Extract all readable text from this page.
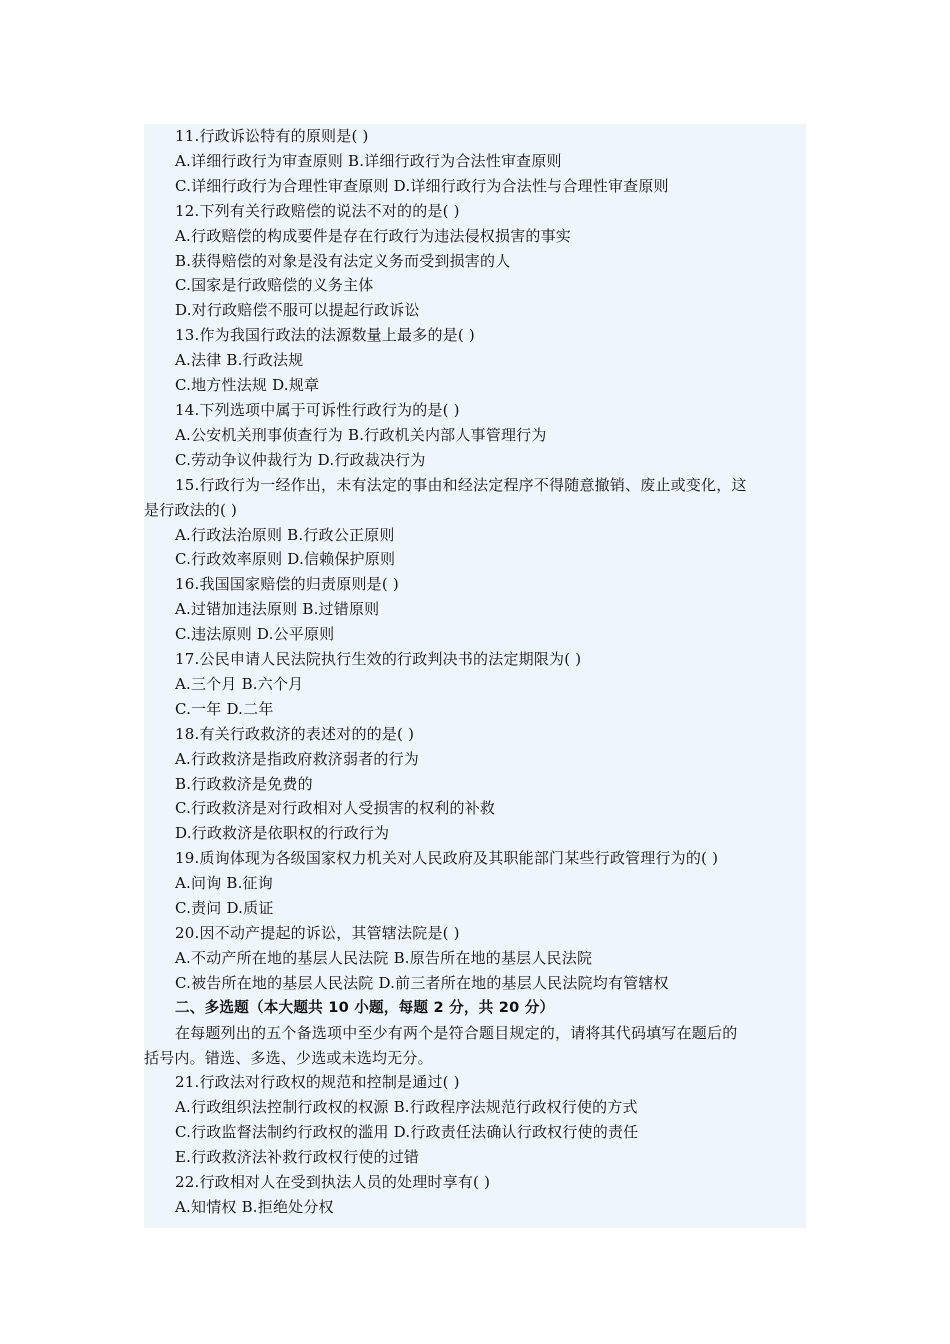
11.行政诉讼特有的原则是( )
A.详细行政行为审查原则 B.详细行政行为合法性审查原则
C.详细行政行为合理性审查原则 D.详细行政行为合法性与合理性审查原则
12.下列有关行政赔偿的说法不对的的是( )
A.行政赔偿的构成要件是存在行政行为违法侵权损害的事实
B.获得赔偿的对象是没有法定义务而受到损害的人
C.国家是行政赔偿的义务主体
D.对行政赔偿不服可以提起行政诉讼
13.作为我国行政法的法源数量上最多的是( )
A.法律 B.行政法规
C.地方性法规 D.规章
14.下列选项中属于可诉性行政行为的是( )
A.公安机关刑事侦查行为 B.行政机关内部人事管理行为
C.劳动争议仲裁行为 D.行政裁决行为
15.行政行为一经作出，未有法定的事由和经法定程序不得随意撤销、废止或变化，这
是行政法的( )
A.行政法治原则 B.行政公正原则
C.行政效率原则 D.信赖保护原则
16.我国国家赔偿的归责原则是( )
A.过错加违法原则 B.过错原则
C.违法原则 D.公平原则
17.公民申请人民法院执行生效的行政判决书的法定期限为( )
A.三个月 B.六个月
C.一年 D.二年
18.有关行政救济的表述对的的是( )
A.行政救济是指政府救济弱者的行为
B.行政救济是免费的
C.行政救济是对行政相对人受损害的权利的补救
D.行政救济是依职权的行政行为
19.质询体现为各级国家权力机关对人民政府及其职能部门某些行政管理行为的( )
A.问询 B.征询
C.责问 D.质证
20.因不动产提起的诉讼，其管辖法院是( )
A.不动产所在地的基层人民法院 B.原告所在地的基层人民法院
C.被告所在地的基层人民法院 D.前三者所在地的基层人民法院均有管辖权
二、多选题（本大题共 10 小题，每题 2 分，共 20 分）
在每题列出的五个备选项中至少有两个是符合题目规定的，请将其代码填写在题后的
括号内。错选、多选、少选或未选均无分。
21.行政法对行政权的规范和控制是通过( )
A.行政组织法控制行政权的权源 B.行政程序法规范行政权行使的方式
C.行政监督法制约行政权的滥用 D.行政责任法确认行政权行使的责任
E.行政救济法补救行政权行使的过错
22.行政相对人在受到执法人员的处理时享有( )
A.知情权 B.拒绝处分权
